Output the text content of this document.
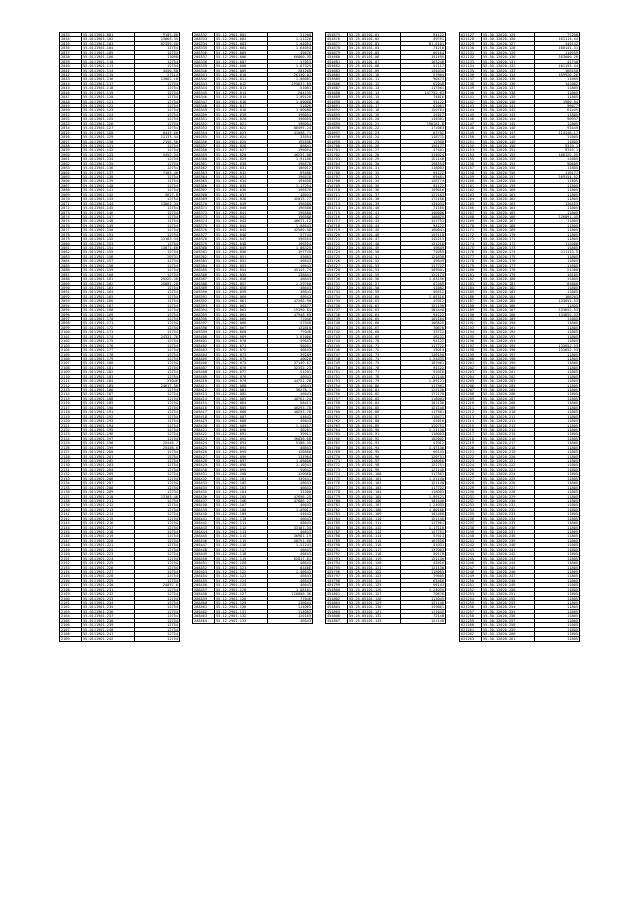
2033	55.0111901.001	9105.00
2034	55.0111901.102	13063.35
2035	55.0111901.103	62359.56
2036	55.0111901.104	12754
2037	55.0111901.105	12754
2038	55.0111901.106	13098
2039	55.0111901.110	12754
2040	55.0111901.111	12754
2041	55.0111901.114	4450.58
2042	55.0111901.115	27114
2043	55.0111901.116	13062.10
2044	55.0111901.117	12754
2045	55.0111901.118	12754
2046	55.0111901.119	12754
2047	55.0111901.120	12754
2048	55.0111901.121	12754
2049	55.0111901.122	12754
2050	55.0111901.123	12754
2051	55.0111901.124	12754
2052	55.0111901.125	12754
2053	55.0111901.126	12754
2054	55.0111901.127	12754
2055	55.0111901.128	8435.66
2056	55.0111901.129	11133.44
2057	55.0111901.130	7156.56
2058	55.0111901.131	12754
2059	55.0111901.132	12754
2060	55.0111901.133	5452.34
2061	55.0111901.134	12754
2062	55.0111901.135	12754
2063	55.0111901.136	12754
2064	55.0111901.137	7105.46
2065	55.0111901.138	12754
2066	55.0111901.139	12754
2067	55.0111901.140	12754
2068	55.0111901.141	12754
2069	55.0111901.142	3627.8
2070	55.0111901.143	12754
2071	55.0111901.144	13062.34
2072	55.0111901.145	12754
2073	55.0111901.146	12754
2074	55.0111901.147	12754
2075	55.0111901.148	12754
2076	55.0111901.149	12754
2077	55.0111901.150	12754
2078	55.0111901.151	12754
2079	55.0111901.152	13183.34
2080	55.0111901.153	12754
2081	55.0111901.154	13071.60
2082	55.0111901.155	12754
2083	55.0111901.156	20731
2084	55.0111901.157	12754
2085	55.0111901.158	12754
2086	55.0111901.159	12754
2087	55.0111901.160	12754
2088	55.0111901.161	25522.36
2089	55.0111901.162	25602.28
2090	55.0111901.163	12754
2091	55.0111901.164	12754
2092	55.0111901.165	12754
2093	55.0111901.166	12754
2094	55.0111901.167	12754
2095	55.0111901.168	12754
2096	55.0111901.169	12754
2097	55.0111901.170	12754
2098	55.0111901.171	12754
2099	55.0111901.172	12754
2100	55.0111901.173	12754
2101	55.0111901.174	24331.76
2102	55.0111901.175	12754
2103	55.0111901.176	12754
2104	55.0111901.177	12754
2105	55.0111901.178	12754
2106	55.0111901.179	12754
2107	55.0111901.180	12754
2108	55.0111901.181	12754
2109	55.0111901.182	12754
2110	55.0111901.183	12754
2111	55.0111901.184	25046
2112	55.0111901.185	24617.56
2113	55.0111901.186	12754
2114	55.0111901.187	12754
2115	55.0111901.188	12754
2116	55.0111901.189	12754
2117	55.0111901.190	12754
2118	55.0111901.191	12754
2119	55.0111901.192	12754
2120	55.0111901.193	12754
2121	55.0111901.194	12754
2122	55.0111901.195	12754
2123	55.0111901.196	12754
2124	55.0111901.197	12754
2125	55.0111901.198	25446.7
2126	55.0111901.199	25446.6
2127	55.0111901.200	12754
2128	55.0111901.201	12754
2129	55.0111901.202	12754
2130	55.0111901.203	12754
2131	55.0111901.204	12754
2132	55.0111901.205	12754
2133	55.0111901.206	12754
2134	55.0111901.207	12754
2135	55.0111901.208	12754
2136	55.0111901.209	12754
2137	55.0111901.210	13105.46
2138	55.0111901.211	12754
2139	55.0111901.212	12754
2140	55.0111901.213	12754
2141	55.0111901.214	12754
2142	55.0111901.215	12754
2143	55.0111901.216	12754
2144	55.0111901.217	12754
2145	55.0111901.218	12754
2146	55.0111901.219	12754
2147	55.0111901.220	12754
2148	55.0111901.221	12754
2149	55.0111901.222	12754
2150	55.0111901.223	12754
2151	55.0111901.224	12754
2152	55.0111901.225	12754
2153	55.0111901.226	12754
2154	55.0111901.227	12754
2155	55.0111901.228	12754
2156	55.0111901.229	12754
2157	55.0111901.230	24057.6
2158	55.0111901.231	12754
2159	55.0111901.232	12754
2160	55.0111901.233	12754
2161	55.0111901.234	12754
2162	55.0111901.235	12754
2163	55.0111901.236	12754
2164	55.0111901.237	12754
2165	55.0111901.238	12754
2166	55.0111901.239	12754
2167	55.0111901.240	12754
2168	55.0111901.241	12754
2169	55.0111901.242	12754
208332	55.12.2901.001	51208
208333	55.12.2901.002	1.21226
208334	55.12.2901.003	1.04054
208335	55.12.2901.004	1.64054
208336	55.12.2901.005	49676
208337	55.12.2901.006	66860.35
208338	55.12.2901.007	57053
208339	55.12.2901.008	1.07325
208340	55.12.2901.009	204200
208341	55.12.2901.010	26130.01
208342	55.12.2901.011	1.06001
208343	55.12.2901.012	195637.89
208344	55.12.2901.013	51001
208345	55.12.2901.014	204135
208346	55.12.2901.015	1.09126
208347	55.12.2901.016	1.00008
208348	55.12.2901.017	51026
208349	55.12.2901.018	1.00080
208350	55.12.2901.019	196054
208351	55.12.2901.020	196054
208352	55.12.2901.021	196054
208353	55.12.2901.022	86495.24
208354	55.12.2901.023	41098.71
208355	55.12.2901.024	33554
208356	55.12.2901.025	195598
208357	55.12.2901.026	86841
208358	55.12.2901.027	196054
208359	55.12.2901.028	46231.88
208360	55.12.2901.029	1.91106
208361	55.12.2901.030	196576
208362	55.12.2901.031	106012
208363	55.12.2901.032	83486
208364	55.12.2901.033	196576
208365	55.12.2901.034	194658
208366	55.12.2901.035	1.17254
208367	55.12.2901.036	196576
208368	55.12.2901.037	46643
208369	55.12.2901.038	42013.77
208370	55.12.2901.039	196588
208371	55.12.2901.040	196588
208372	55.12.2901.041	196588
208373	55.12.2901.042	196588
208374	55.12.2901.043	46671.12
208375	55.12.2901.044	1.06643
208376	55.12.2901.045	42500.46
208377	55.12.2901.046	57744
208378	55.12.2901.047	196554
208379	55.12.2901.048	196554
208380	55.12.2901.049	1.08325
208381	55.12.2901.050	197745
208382	55.12.2901.051	45663
208383	55.12.2901.052	46643
208384	55.12.2901.053	46643
208385	55.12.2901.054	45143.74
208386	55.12.2901.055	138841
208387	55.12.2901.056	46643
208388	55.12.2901.057	1.29766
208389	55.12.2901.058	46643
208390	55.12.2901.059	46643
208391	55.12.2901.060	46643
208392	55.12.2901.061	47266.90
208393	55.12.2901.062	36877
208394	55.12.2901.063	19190.84
208395	55.12.2901.064	47948.89
208396	55.12.2901.065	77046
208397	55.12.2901.066	47948
208398	55.12.2901.067	132810
208399	55.12.2901.068	77046
208400	55.12.2901.069	1.01006
208401	55.12.2901.070	49643
208402	55.12.2901.071	96051
208403	55.12.2901.072	46643
208404	55.12.2901.073	39289
208405	55.12.2901.074	40026
208406	55.12.2901.075	37149.67
208407	55.12.2901.076	32152.23
208408	55.12.2901.077	41201
208409	55.12.2901.078	46643
208410	55.12.2901.079	44722.28
208411	55.12.2901.080	46643
208412	55.12.2901.081	36278.1
208413	55.12.2901.082	46643
208414	55.12.2901.083	40761.24
208415	55.12.2901.084	98411
208416	55.12.2901.085	40293.78
208417	55.12.2901.086	40293.76
208418	55.12.2901.087	44643
208419	55.12.2901.088	46643
208420	55.12.2901.089	1.24617
208421	55.12.2901.090	40261
208422	55.12.2901.091	39911
208423	55.12.2901.092	36838.68
208424	55.12.2901.093	5186.45
208425	55.12.2901.094	46643
208426	55.12.2901.095	126660
208427	55.12.2901.096	134964
208428	55.12.2901.097	1.08600
208429	55.12.2901.098	1.10341
208430	55.12.2901.099	50642
208431	55.12.2901.100	126660
208432	55.12.2901.101	139441
208433	55.12.2901.102	46643
208434	55.12.2901.103	46643
208435	55.12.2901.104	31300
208436	55.12.2901.105	47696.25
208437	55.12.2901.106	47886.27
208438	55.12.2901.107	46643
208439	55.12.2901.108	1.09011
208440	55.12.2901.109	44643
208441	55.12.2901.110	46643
208442	55.12.2901.111	46643
208443	55.12.2901.112	33187.34
208444	55.12.2901.113	46643
208445	55.12.2901.114	36981.19
208446	55.12.2901.115	50751.66
208447	55.12.2901.116	1.51241
208448	55.12.2901.117	46643
208449	55.12.2901.118	46643
208450	55.12.2901.119	62817.81
208451	55.12.2901.120	46643
208452	55.12.2901.121	83466
208453	55.12.2901.122	1.46643
208454	55.12.2901.123	46643
208455	55.12.2901.124	46643
208456	55.12.2901.125	46643
208457	55.12.2901.126	1.08101
208458	55.12.2901.127	120006.36
208459	55.12.2901.128	77046
208460	55.12.2901.129	136044
208461	55.12.2901.130	114065
208462	55.12.2901.131	114065
208463	55.12.2901.132	120165
208464	55.12.2901.133	46643
454675	55.25.05101.01	94122
454676	55.25.05101.02	49751
454677	55.25.05101.03	81.6101
454678	55.25.05101.04	74216
454679	55.25.05101.05	66164
454680	55.25.05101.06	151495
454681	55.25.05101.07	163246
454682	55.25.05101.08	51117
454683	55.25.05101.09	134034
454684	55.25.05101.10	57604
454685	55.25.05101.11	90473
454686	55.25.05101.12	62048
454687	55.25.05101.13	117561
454688	55.25.05101.14	147752.63
454689	55.25.05101.15	74816
454690	55.25.05101.16	94122
454691	55.25.05101.17	61061
454692	55.25.05101.18	120761
454693	55.25.05101.19	41017
454694	55.25.05101.20	116361
454695	55.25.05101.21	190181.8
454696	55.25.05101.22	171063
454697	55.25.05101.23	83702
454698	55.25.05101.24	118772
454699	55.25.05101.25	12950
454700	55.25.05101.26	156177
454701	55.25.05101.27	47401
454702	55.25.05101.28	134024
454703	55.25.05101.29	121140
454704	55.25.05101.30	198554
454705	55.25.05101.31	118003
454706	55.25.05101.32	94122
454707	55.25.05101.33	69461
454708	55.25.05101.34	126774
454709	55.25.05101.35	94122
454710	55.25.05101.36	159610
454711	55.25.05101.37	121163
454712	55.25.05101.38	172100
454713	55.25.05101.39	134034
454714	55.25.05101.40	71165
454715	55.25.05101.41	146006
454716	55.25.05101.42	108825
454717	55.25.05101.43	122751
454718	55.25.05101.44	94122
454719	55.25.05101.45	160041
454720	55.25.05101.46	155118
454721	55.25.05101.47	142213
454722	55.25.05101.48	131216
454723	55.25.05101.49	49649
454724	55.25.05101.50	71663
454725	55.25.05101.51	121630
454726	55.25.05101.52	49649
454727	55.25.05101.53	117722
454728	55.25.05101.54	109501
454729	55.25.05101.55	122173
454730	55.25.05101.56	1.03156
454731	55.25.05101.57	87489
454732	55.25.05101.58	41082
454733	55.25.05101.59	56512
454734	55.25.05101.60	1.05316
454735	55.25.05101.61	47012
454736	55.25.05101.62	121130
454737	55.25.05101.63	182440
454738	55.25.05101.64	94122
454739	55.25.05101.65	101164
454740	55.25.05101.66	108825
454741	55.25.05101.67	70676
454742	55.25.05101.68	33712
454743	55.25.05101.69	48122
454744	55.25.05101.70	94122
454745	55.25.05101.71	117722
454746	55.25.05101.72	15014
454747	55.25.05101.73	146150
454748	55.25.05101.74	1.24035
454749	55.25.05101.75	107661
454750	55.25.05101.76	94122
454751	55.25.05101.77	91016
454752	55.25.05101.78	121140
454753	55.25.05101.79	1.09121
454754	55.25.05101.80	117561
454755	55.25.05101.81	121130
454756	55.25.05101.82	171170
454757	55.25.05101.83	118003
454758	55.25.05101.84	101196
454759	55.25.05101.85	121140
454760	55.25.05101.86	117561
454761	55.25.05101.87	110471
454762	55.25.05101.88	41016
454763	55.25.05101.89	120751
454764	55.25.05101.90	1.21130
454765	55.25.05101.91	118003
454766	55.25.05101.92	102002
454767	55.25.05101.93	47012
454768	55.25.05101.94	1.47130
454769	55.25.05101.95	96143
454770	55.25.05101.96	120751
454771	55.25.05101.97	148066
454772	55.25.05101.98	122751
454773	55.25.05101.99	121140
454774	55.25.05101.100	117561
454775	55.25.05101.101	1.21140
454776	55.25.05101.102	121140
454777	55.25.05101.103	117722
454778	55.25.05101.104	118003
454779	55.25.05101.105	1.09121
454780	55.25.05101.106	101440
454781	55.25.05101.107	1.24035
454782	55.25.05101.108	1.00166
454783	55.25.05101.109	101460
454784	55.25.05101.110	121140
454785	55.25.05101.111	117561
454786	55.25.05101.112	1.17110
454787	55.25.05101.113	127751
454788	55.25.05101.114	57613
454789	55.25.05101.115	107650
454790	55.25.05101.116	41031
454791	55.25.05101.117	137003
454792	55.25.05101.118	50170
454793	55.25.05101.119	121140
454794	55.25.05101.120	41016
454795	55.25.05101.121	121130
454796	55.25.05101.122	118003
454797	55.25.05101.123	79605
454798	55.25.05101.124	63466
454799	55.25.05101.125	96143
454800	55.25.05101.126	1.24035
454801	55.25.05101.127	70676
454802	55.25.05101.128	111045
454803	55.25.05101.129	121140
454804	55.25.05101.130	119861
454805	55.25.05101.131	111045
454806	55.25.05101.132	72148
454807	55.25.05101.133	121140
621127	55.30.12020.125	77200
621128	55.30.12020.126	161114.44
621129	55.30.12020.127	146142
621130	55.30.12020.128	160141.31
621131	55.30.12020.129	116559
621132	55.30.12020.130	163000.26
621133	55.30.12020.131	41740
621134	55.30.12020.132	161155.44
621135	55.30.12020.133	168150
621136	55.30.12020.134	169920.26
621137	55.30.12020.135	11665
621138	55.30.12020.136	141002
621139	55.30.12020.137	11805
621140	55.30.12020.138	11805
621141	55.30.12020.139	11805
621142	55.30.12020.140	1900.04
621143	55.30.12020.141	96677
621144	55.30.12020.142	61445
621145	55.30.12020.143	11805
621146	55.30.12020.144	90937
621147	55.30.12020.145	11805
621148	55.30.12020.146	93449
621149	55.30.12020.147	114148.17
621150	55.30.12020.148	11805
621151	55.30.12020.149	11805
621152	55.30.12020.150	9319.1
621153	55.30.12020.151	9319.1
621154	55.30.12020.152	186122.55
621155	55.30.12020.153	11805
621156	55.30.12020.154	90609
621157	55.30.12020.155	11805
621158	55.30.12020.156	116177
621159	55.30.12020.157	169154.52
621160	55.30.12020.158	11805
621161	55.30.12020.159	11805
621162	55.30.12020.160	11805
621163	55.30.12020.161	11805
621164	55.30.12020.162	11805
621165	55.30.12020.163	136453
621166	55.30.12020.164	11805
621167	55.30.12020.165	11805
621168	55.30.12020.166	126091.45
621169	55.30.12020.167	11805
621170	55.30.12020.168	11805
621171	55.30.12020.169	11805
621172	55.30.12020.170	11805
621173	55.30.12020.171	11805
621174	55.30.12020.172	112000
621175	55.30.12020.173	11805
621176	55.30.12020.174	111113.5
621177	55.30.12020.175	11805
621178	55.30.12020.176	11805
621179	55.30.12020.177	11805
621180	55.30.12020.178	21300
621181	55.30.12020.179	10105
621182	55.30.12020.180	11805
621183	55.30.12020.181	85806
621184	55.30.12020.182	11805
621185	55.30.12020.183	11805
621186	55.30.12020.184	166203
621187	55.30.12020.185	133652.53
621188	55.30.12020.186	11805
621189	55.30.12020.187	133652.53
621190	55.30.12020.188	133652.53
621191	55.30.12020.189	11805
621192	55.30.12020.190	11805
621193	55.30.12020.191	11805
621194	55.30.12020.192	11805
621195	55.30.12020.193	11805
621196	55.30.12020.194	11805
621197	55.30.12020.195	133652.53
621198	55.30.12020.196	133652.53
621199	55.30.12020.197	11805
621200	55.30.12020.198	11805
621201	55.30.12020.199	11805
621202	55.30.12020.200	11805
621203	55.30.12020.201	11805
621204	55.30.12020.202	11805
621205	55.30.12020.203	11805
621206	55.30.12020.204	11805
621207	55.30.12020.205	11805
621208	55.30.12020.206	11805
621209	55.30.12020.207	11805
621210	55.30.12020.208	11805
621211	55.30.12020.209	11805
621212	55.30.12020.210	11805
621213	55.30.12020.211	11805
621214	55.30.12020.212	11805
621215	55.30.12020.213	11805
621216	55.30.12020.214	11805
621217	55.30.12020.215	11805
621218	55.30.12020.216	11805
621219	55.30.12020.217	11805
621220	55.30.12020.218	11805
621221	55.30.12020.219	11805
621222	55.30.12020.220	11805
621223	55.30.12020.221	11805
621224	55.30.12020.222	11805
621225	55.30.12020.223	11805
621226	55.30.12020.224	11805
621227	55.30.12020.225	11805
621228	55.30.12020.226	11805
621229	55.30.12020.227	11805
621230	55.30.12020.228	11805
621231	55.30.12020.229	11805
621232	55.30.12020.230	11805
621233	55.30.12020.231	11805
621234	55.30.12020.232	11805
621235	55.30.12020.233	11805
621236	55.30.12020.234	11805
621237	55.30.12020.235	11805
621238	55.30.12020.236	11805
621239	55.30.12020.237	11805
621240	55.30.12020.238	11805
621241	55.30.12020.239	11805
621242	55.30.12020.240	11805
621243	55.30.12020.241	11805
621244	55.30.12020.242	11805
621245	55.30.12020.243	11805
621246	55.30.12020.244	11805
621247	55.30.12020.245	11805
621248	55.30.12020.246	11805
621249	55.30.12020.247	11805
621250	55.30.12020.248	11805
621251	55.30.12020.249	11805
621252	55.30.12020.250	11805
621253	55.30.12020.251	11805
621254	55.30.12020.252	11805
621255	55.30.12020.253	11805
621256	55.30.12020.254	11805
621257	55.30.12020.255	11805
621258	55.30.12020.256	11805
621259	55.30.12020.257	11805
621260	55.30.12020.258	11805
621261	55.30.12020.259	11805
621262	55.30.12020.260	11805
621263	55.30.12020.261	11805
